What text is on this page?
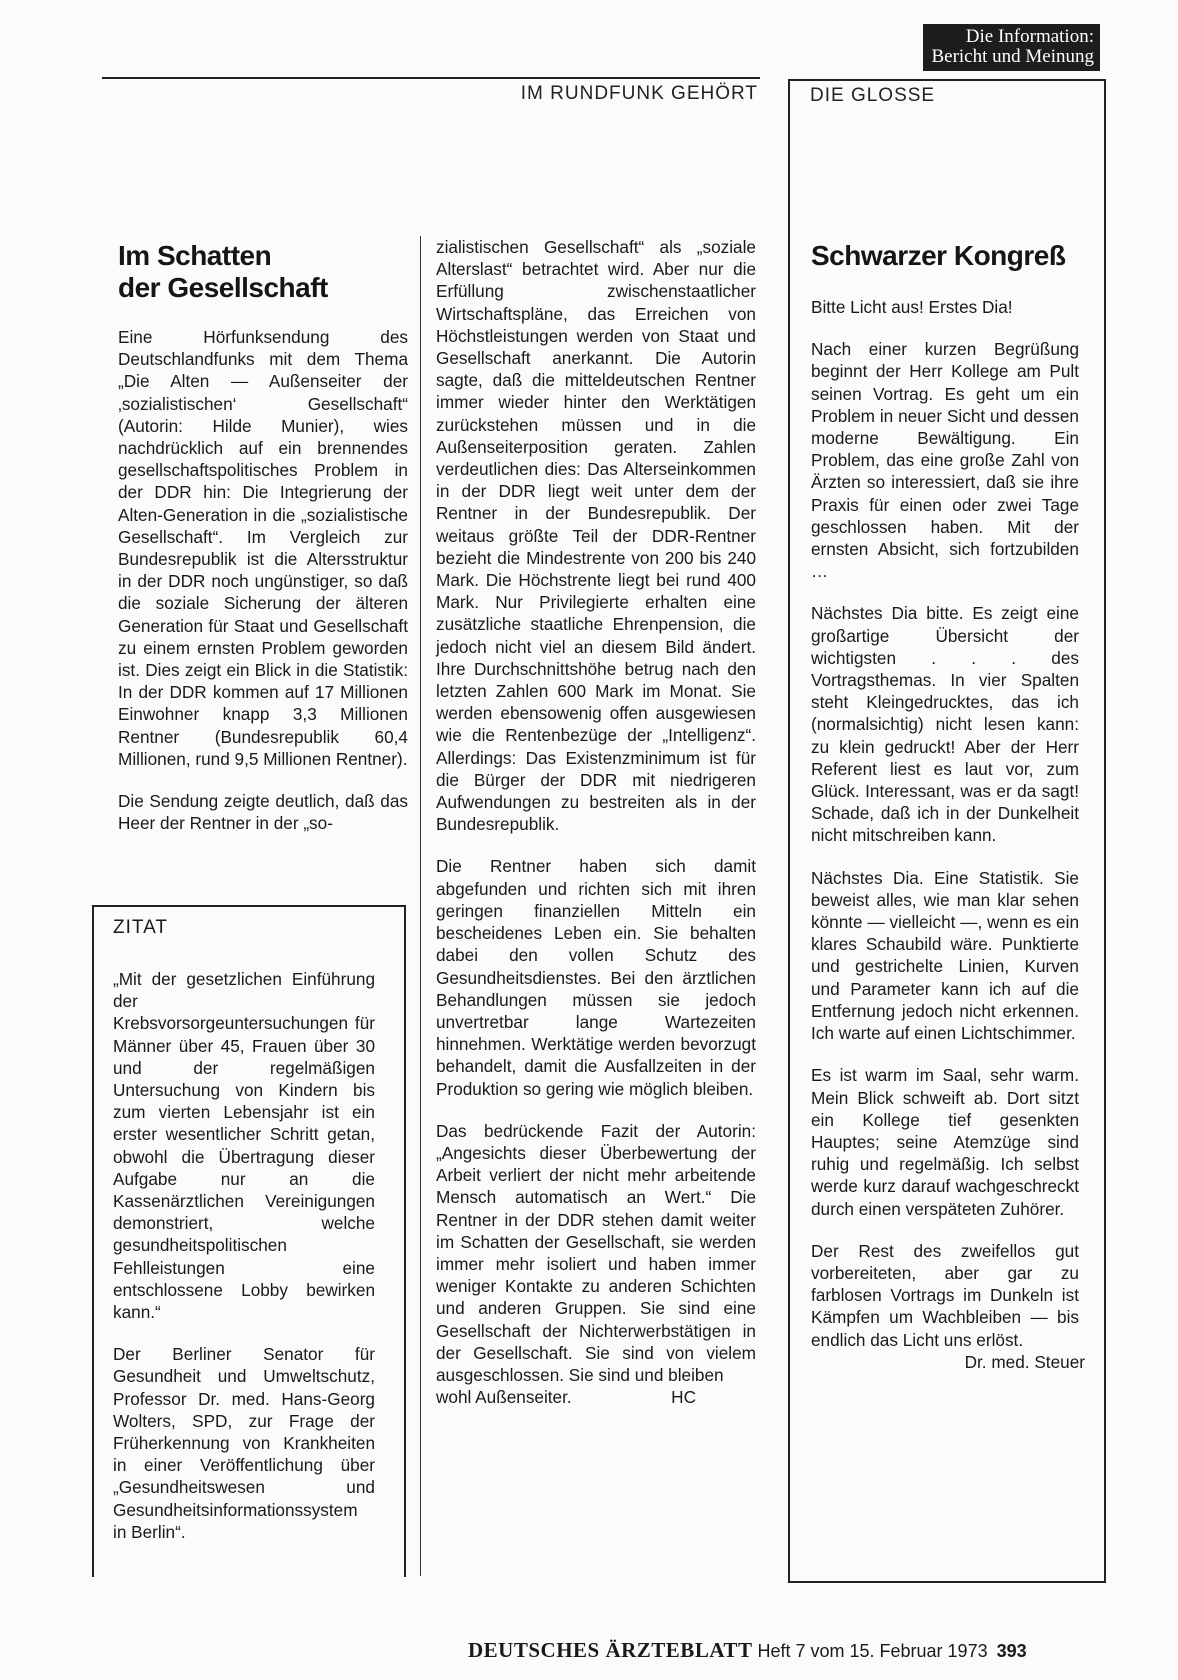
Die Information:
Bericht und Meinung
IM RUNDFUNK GEHÖRT	DIE GLOSSE
Im Schatten
der Gesellschaft

Eine Hörfunksendung des Deutschlandfunks mit dem Thema „Die Alten — Außenseiter der ‚sozialistischen‘ Gesellschaft“ (Autorin: Hilde Munier), wies nachdrücklich auf ein brennendes gesellschaftspolitisches Problem in der DDR hin: Die Integrierung der Alten-Generation in die „sozialistische Gesellschaft“. Im Vergleich zur Bundesrepublik ist die Altersstruktur in der DDR noch ungünstiger, so daß die soziale Sicherung der älteren Generation für Staat und Gesellschaft zu einem ernsten Problem geworden ist. Dies zeigt ein Blick in die Statistik: In der DDR kommen auf 17 Millionen Einwohner knapp 3,3 Millionen Rentner (Bundesrepublik 60,4 Millionen, rund 9,5 Millionen Rentner).

Die Sendung zeigte deutlich, daß das Heer der Rentner in der „so-

zialistischen Gesellschaft“ als „soziale Alterslast“ betrachtet wird. Aber nur die Erfüllung zwischenstaatlicher Wirtschaftspläne, das Erreichen von Höchstleistungen werden von Staat und Gesellschaft anerkannt. Die Autorin sagte, daß die mitteldeutschen Rentner immer wieder hinter den Werktätigen zurückstehen müssen und in die Außenseiterposition geraten. Zahlen verdeutlichen dies: Das Alterseinkommen in der DDR liegt weit unter dem der Rentner in der Bundesrepublik. Der weitaus größte Teil der DDR-Rentner bezieht die Mindestrente von 200 bis 240 Mark. Die Höchstrente liegt bei rund 400 Mark. Nur Privilegierte erhalten eine zusätzliche staatliche Ehrenpension, die jedoch nicht viel an diesem Bild ändert. Ihre Durchschnittshöhe betrug nach den letzten Zahlen 600 Mark im Monat. Sie werden ebensowenig offen ausgewiesen wie die Rentenbezüge der „Intelligenz“. Allerdings: Das Existenzminimum ist für die Bürger der DDR mit niedrigeren Aufwendungen zu bestreiten als in der Bundesrepublik.

Die Rentner haben sich damit abgefunden und richten sich mit ihren geringen finanziellen Mitteln ein bescheidenes Leben ein. Sie behalten dabei den vollen Schutz des Gesundheitsdienstes. Bei den ärztlichen Behandlungen müssen sie jedoch unvertretbar lange Wartezeiten hinnehmen. Werktätige werden bevorzugt behandelt, damit die Ausfallzeiten in der Produktion so gering wie möglich bleiben.

Das bedrückende Fazit der Autorin: „Angesichts dieser Überbewertung der Arbeit verliert der nicht mehr arbeitende Mensch automatisch an Wert.“ Die Rentner in der DDR stehen damit weiter im Schatten der Gesellschaft, sie werden immer mehr isoliert und haben immer weniger Kontakte zu anderen Schichten und anderen Gruppen. Sie sind eine Gesellschaft der Nichterwerbstätigen in der Gesellschaft. Sie sind von vielem ausgeschlossen. Sie sind und bleiben

wohl Außenseiter.	HC
ZITAT

„Mit der gesetzlichen Einführung der Krebsvorsorgeuntersuchungen für Männer über 45, Frauen über 30 und der regelmäßigen Untersuchung von Kindern bis zum vierten Lebensjahr ist ein erster wesentlicher Schritt getan, obwohl die Übertragung dieser Aufgabe nur an die Kassenärztlichen Vereinigungen demonstriert, welche gesundheitspolitischen Fehlleistungen eine entschlossene Lobby bewirken kann.“

Der Berliner Senator für Gesundheit und Umweltschutz, Professor Dr. med. Hans-Georg Wolters, SPD, zur Frage der Früherkennung von Krankheiten in einer Veröffentlichung über „Gesundheitswesen und Gesundheitsinformationssystem in Berlin“.

Schwarzer Kongreß

Bitte Licht aus! Erstes Dia!

Nach einer kurzen Begrüßung beginnt der Herr Kollege am Pult seinen Vortrag. Es geht um ein Problem in neuer Sicht und dessen moderne Bewältigung. Ein Problem, das eine große Zahl von Ärzten so interessiert, daß sie ihre Praxis für einen oder zwei Tage geschlossen haben. Mit der ernsten Absicht, sich fortzubilden …

Nächstes Dia bitte. Es zeigt eine großartige Übersicht der wichtigsten . . . des Vortragsthemas. In vier Spalten steht Kleingedrucktes, das ich (normalsichtig) nicht lesen kann: zu klein gedruckt! Aber der Herr Referent liest es laut vor, zum Glück. Interessant, was er da sagt! Schade, daß ich in der Dunkelheit nicht mitschreiben kann.

Nächstes Dia. Eine Statistik. Sie beweist alles, wie man klar sehen könnte — vielleicht —, wenn es ein klares Schaubild wäre. Punktierte und gestrichelte Linien, Kurven und Parameter kann ich auf die Entfernung jedoch nicht erkennen. Ich warte auf einen Lichtschimmer.

Es ist warm im Saal, sehr warm. Mein Blick schweift ab. Dort sitzt ein Kollege tief gesenkten Hauptes; seine Atemzüge sind ruhig und regelmäßig. Ich selbst werde kurz darauf wachgeschreckt durch einen verspäteten Zuhörer.

Der Rest des zweifellos gut vorbereiteten, aber gar zu farblosen Vortrags im Dunkeln ist Kämpfen um Wachbleiben — bis endlich das Licht uns erlöst.

Dr. med. Steuer
DEUTSCHES ÄRZTEBLATT Heft 7 vom 15. Februar 1973 393
